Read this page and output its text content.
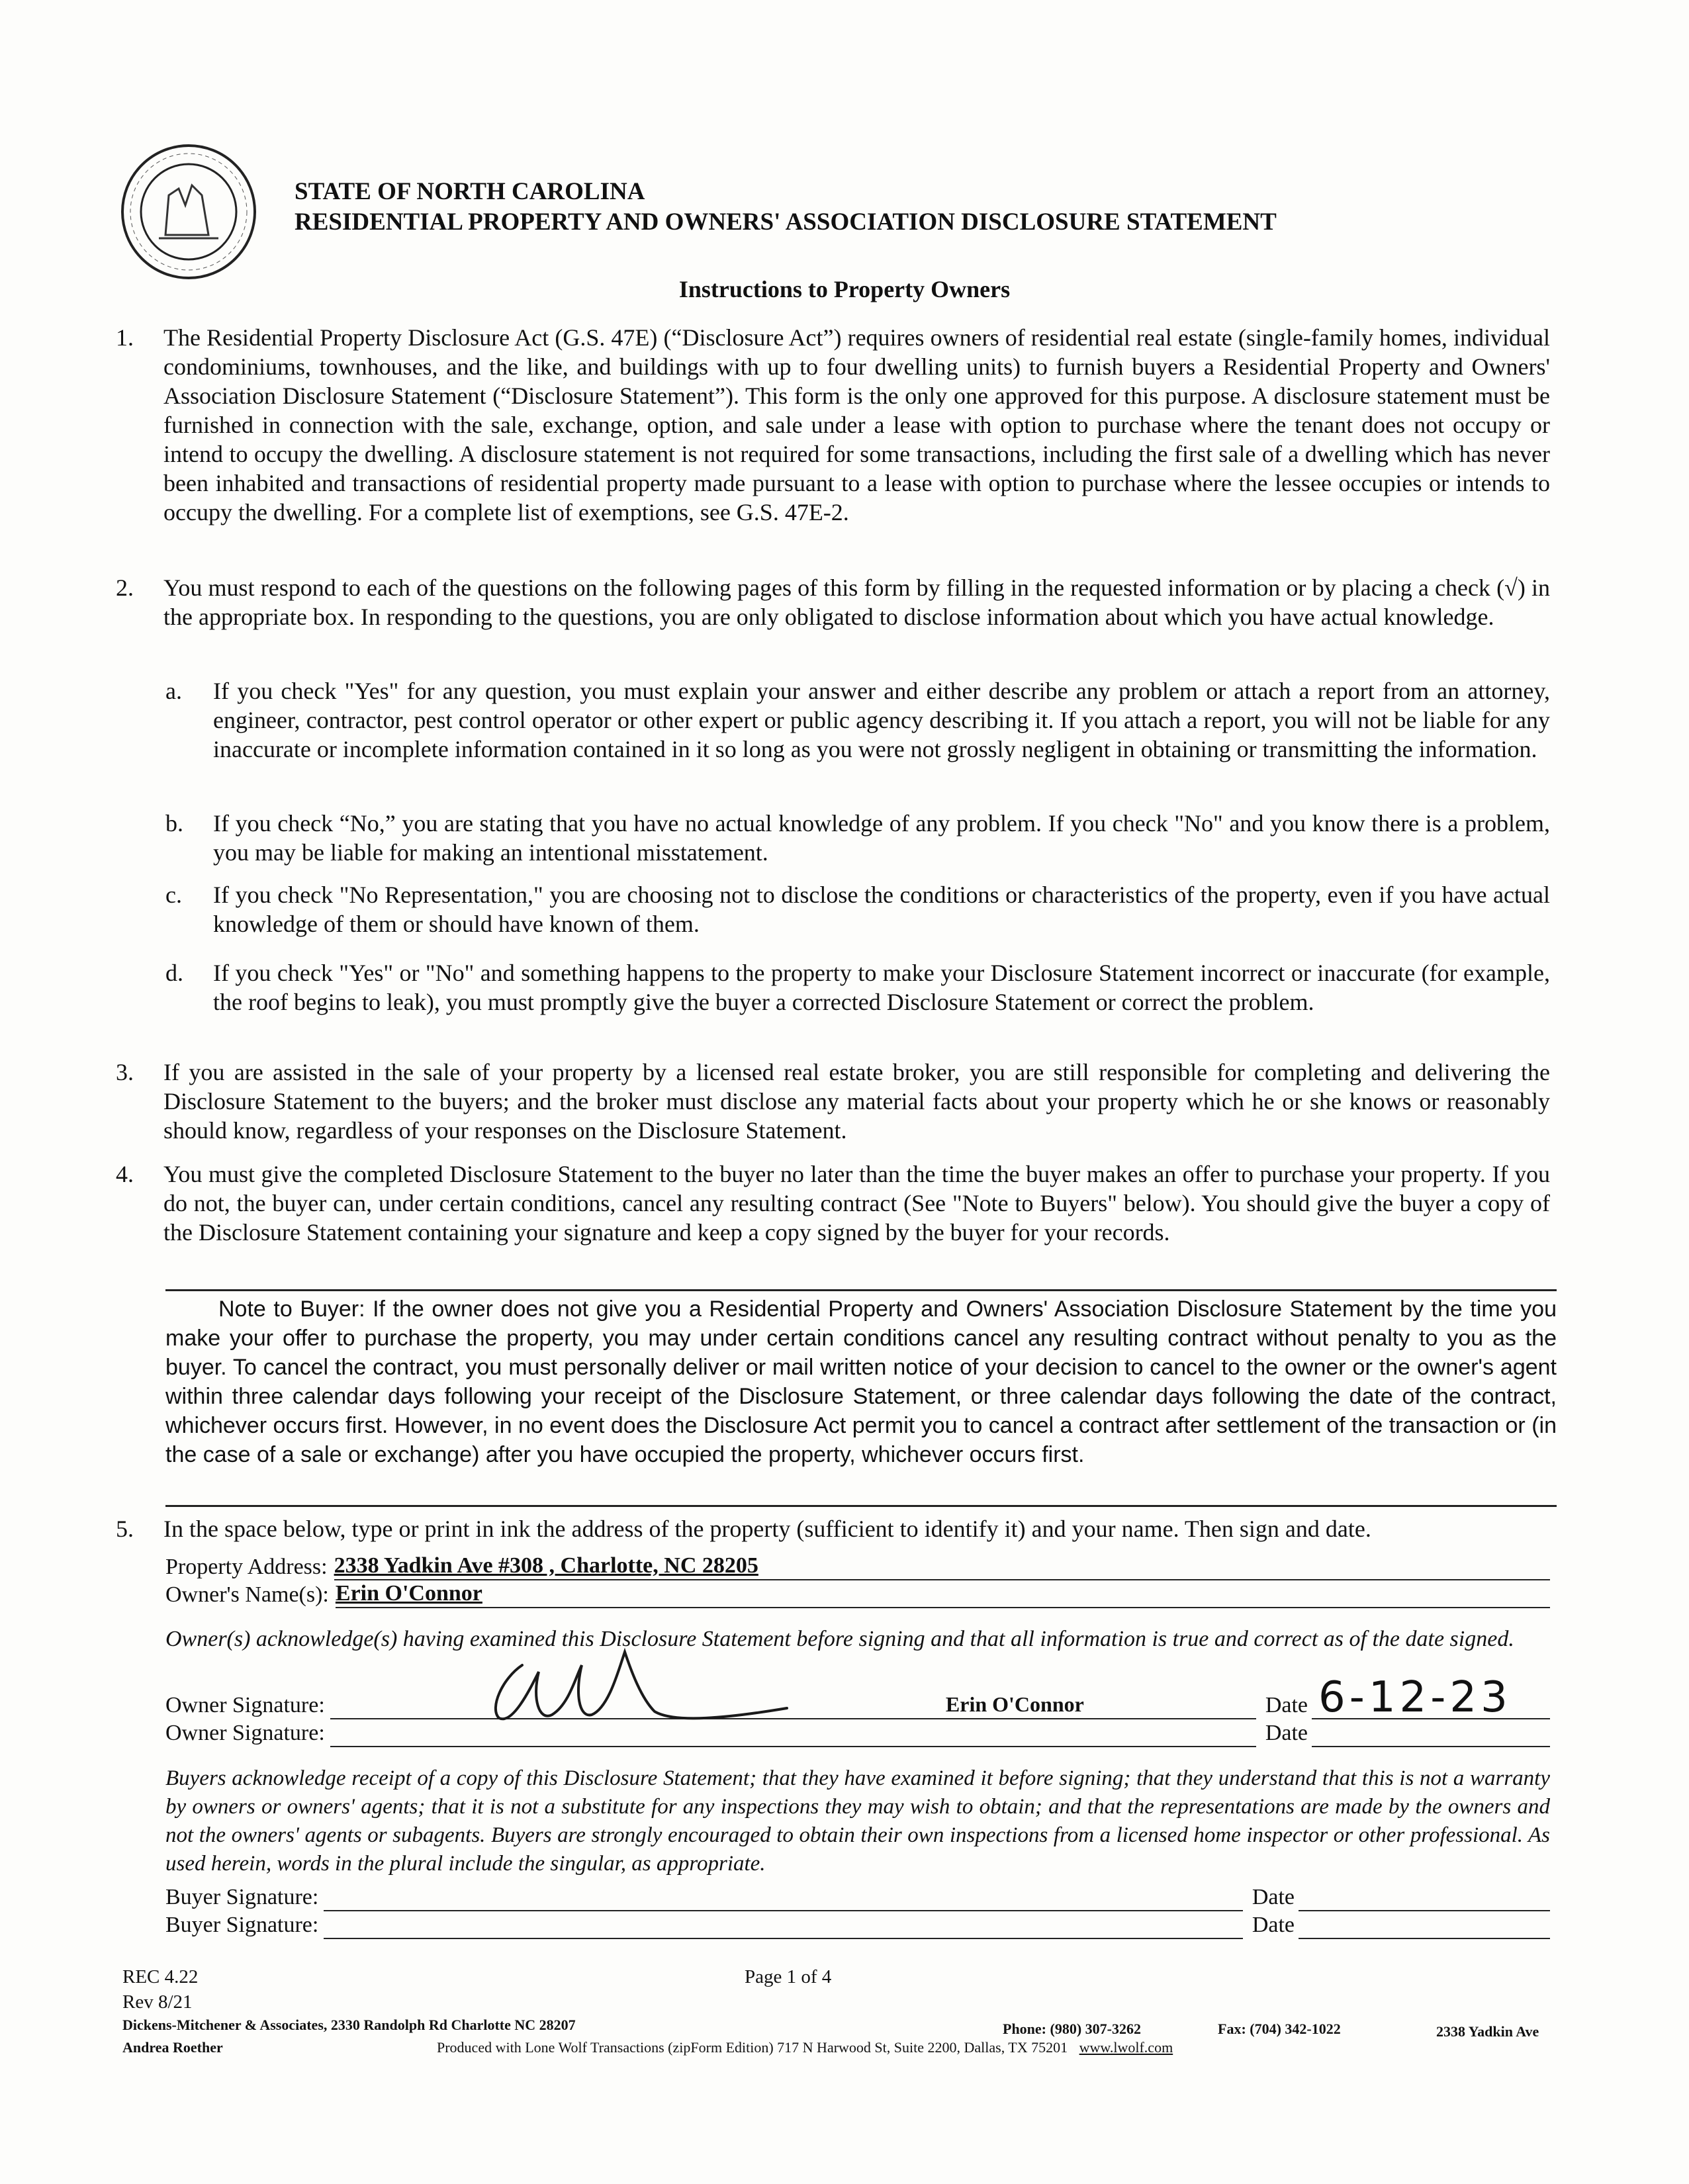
STATE OF NORTH CAROLINA
RESIDENTIAL PROPERTY AND OWNERS' ASSOCIATION DISCLOSURE STATEMENT
Instructions to Property Owners
1. The Residential Property Disclosure Act (G.S. 47E) (“Disclosure Act”) requires owners of residential real estate (single-family homes, individual condominiums, townhouses, and the like, and buildings with up to four dwelling units) to furnish buyers a Residential Property and Owners' Association Disclosure Statement (“Disclosure Statement”). This form is the only one approved for this purpose. A disclosure statement must be furnished in connection with the sale, exchange, option, and sale under a lease with option to purchase where the tenant does not occupy or intend to occupy the dwelling. A disclosure statement is not required for some transactions, including the first sale of a dwelling which has never been inhabited and transactions of residential property made pursuant to a lease with option to purchase where the lessee occupies or intends to occupy the dwelling. For a complete list of exemptions, see G.S. 47E-2.
2. You must respond to each of the questions on the following pages of this form by filling in the requested information or by placing a check (√) in the appropriate box. In responding to the questions, you are only obligated to disclose information about which you have actual knowledge.
a. If you check "Yes" for any question, you must explain your answer and either describe any problem or attach a report from an attorney, engineer, contractor, pest control operator or other expert or public agency describing it. If you attach a report, you will not be liable for any inaccurate or incomplete information contained in it so long as you were not grossly negligent in obtaining or transmitting the information.
b. If you check “No,” you are stating that you have no actual knowledge of any problem. If you check "No" and you know there is a problem, you may be liable for making an intentional misstatement.
c. If you check "No Representation," you are choosing not to disclose the conditions or characteristics of the property, even if you have actual knowledge of them or should have known of them.
d. If you check "Yes" or "No" and something happens to the property to make your Disclosure Statement incorrect or inaccurate (for example, the roof begins to leak), you must promptly give the buyer a corrected Disclosure Statement or correct the problem.
3. If you are assisted in the sale of your property by a licensed real estate broker, you are still responsible for completing and delivering the Disclosure Statement to the buyers; and the broker must disclose any material facts about your property which he or she knows or reasonably should know, regardless of your responses on the Disclosure Statement.
4. You must give the completed Disclosure Statement to the buyer no later than the time the buyer makes an offer to purchase your property. If you do not, the buyer can, under certain conditions, cancel any resulting contract (See "Note to Buyers" below). You should give the buyer a copy of the Disclosure Statement containing your signature and keep a copy signed by the buyer for your records.
Note to Buyer: If the owner does not give you a Residential Property and Owners' Association Disclosure Statement by the time you make your offer to purchase the property, you may under certain conditions cancel any resulting contract without penalty to you as the buyer. To cancel the contract, you must personally deliver or mail written notice of your decision to cancel to the owner or the owner's agent within three calendar days following your receipt of the Disclosure Statement, or three calendar days following the date of the contract, whichever occurs first. However, in no event does the Disclosure Act permit you to cancel a contract after settlement of the transaction or (in the case of a sale or exchange) after you have occupied the property, whichever occurs first.
5. In the space below, type or print in ink the address of the property (sufficient to identify it) and your name. Then sign and date.
Property Address: 2338 Yadkin Ave #308 , Charlotte, NC 28205
Owner's Name(s): Erin O'Connor
Owner(s) acknowledge(s) having examined this Disclosure Statement before signing and that all information is true and correct as of the date signed.
Owner Signature:	Erin O'Connor	Date 6-12-23
Owner Signature:	Date
Buyers acknowledge receipt of a copy of this Disclosure Statement; that they have examined it before signing; that they understand that this is not a warranty by owners or owners' agents; that it is not a substitute for any inspections they may wish to obtain; and that the representations are made by the owners and not the owners' agents or subagents. Buyers are strongly encouraged to obtain their own inspections from a licensed home inspector or other professional. As used herein, words in the plural include the singular, as appropriate.
Buyer Signature:	Date
Buyer Signature:	Date
REC 4.22
Rev 8/21
Page 1 of 4
Dickens-Mitchener & Associates, 2330 Randolph Rd Charlotte NC 28207
Andrea Roether
Phone: (980) 307-3262	Fax: (704) 342-1022	2338 Yadkin Ave
Produced with Lone Wolf Transactions (zipForm Edition) 717 N Harwood St, Suite 2200, Dallas, TX 75201 www.lwolf.com
